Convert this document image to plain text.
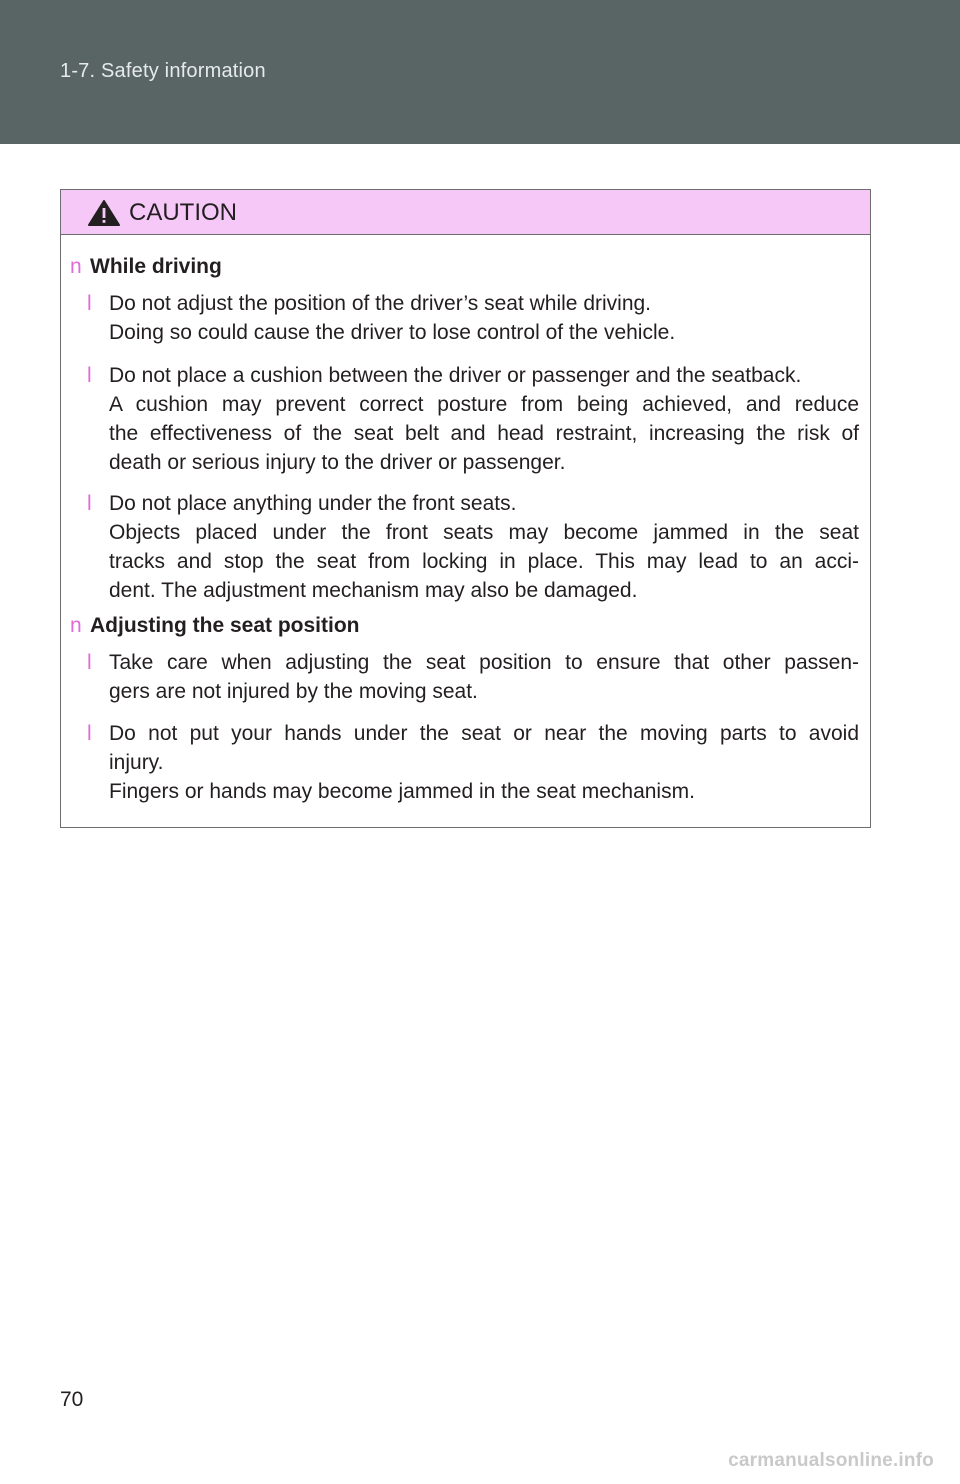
1-7. Safety information
CAUTION
n While driving
l Do not adjust the position of the driver’s seat while driving.
Doing so could cause the driver to lose control of the vehicle.
l Do not place a cushion between the driver or passenger and the seatback.
A cushion may prevent correct posture from being achieved, and reduce
the effectiveness of the seat belt and head restraint, increasing the risk of
death or serious injury to the driver or passenger.
l Do not place anything under the front seats.
Objects placed under the front seats may become jammed in the seat
tracks and stop the seat from locking in place. This may lead to an acci-
dent. The adjustment mechanism may also be damaged.
n Adjusting the seat position
l Take care when adjusting the seat position to ensure that other passen-
gers are not injured by the moving seat.
l Do not put your hands under the seat or near the moving parts to avoid
injury.
Fingers or hands may become jammed in the seat mechanism.
70
carmanualsonline.info
